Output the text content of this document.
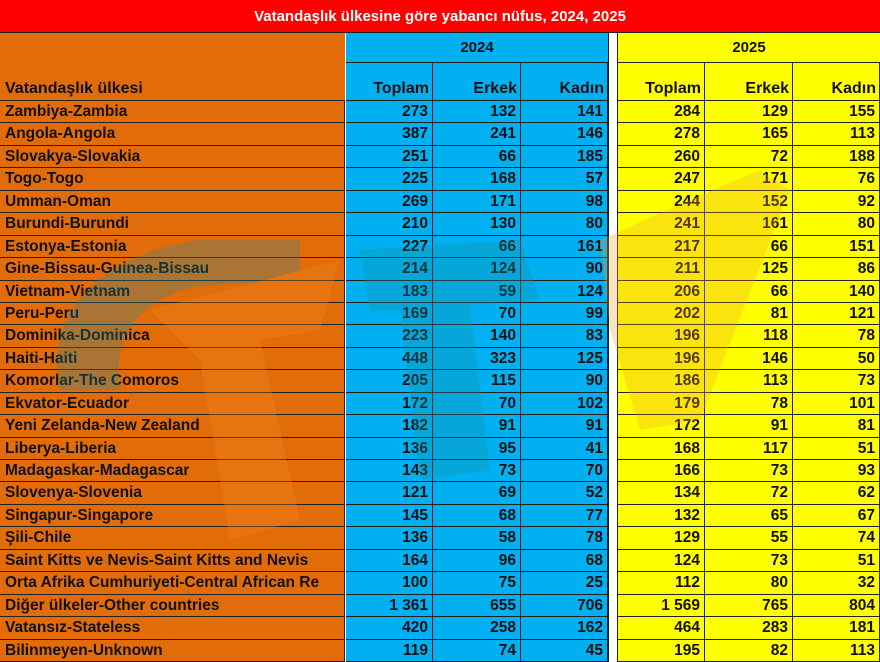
Vatandaşlık ülkesine göre yabancı nüfus, 2024, 2025
2024	2025
Vatandaşlık ülkesi	Toplam	Erkek	Kadın	Toplam	Erkek	Kadın
Zambiya-Zambia	273	132	141	284	129	155
Angola-Angola	387	241	146	278	165	113
Slovakya-Slovakia	251	66	185	260	72	188
Togo-Togo	225	168	57	247	171	76
Umman-Oman	269	171	98	244	152	92
Burundi-Burundi	210	130	80	241	161	80
Estonya-Estonia	227	66	161	217	66	151
Gine-Bissau-Guinea-Bissau	214	124	90	211	125	86
Vietnam-Vietnam	183	59	124	206	66	140
Peru-Peru	169	70	99	202	81	121
Dominika-Dominica	223	140	83	196	118	78
Haiti-Haiti	448	323	125	196	146	50
Komorlar-The Comoros	205	115	90	186	113	73
Ekvator-Ecuador	172	70	102	179	78	101
Yeni Zelanda-New Zealand	182	91	91	172	91	81
Liberya-Liberia	136	95	41	168	117	51
Madagaskar-Madagascar	143	73	70	166	73	93
Slovenya-Slovenia	121	69	52	134	72	62
Singapur-Singapore	145	68	77	132	65	67
Şili-Chile	136	58	78	129	55	74
Saint Kitts ve Nevis-Saint Kitts and Nevis	164	96	68	124	73	51
Orta Afrika Cumhuriyeti-Central African Re	100	75	25	112	80	32
Diğer ülkeler-Other countries	1 361	655	706	1 569	765	804
Vatansız-Stateless	420	258	162	464	283	181
Bilinmeyen-Unknown	119	74	45	195	82	113
